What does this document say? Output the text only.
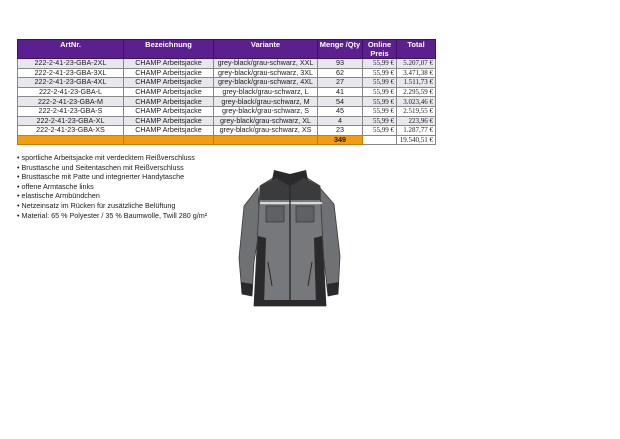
ArtNr.	Bezeichnung	Variante	Menge /Qty	Online
Preis	Total
222-2-41-23-GBA-2XL	CHAMP Arbeitsjacke	grey-black/grau-schwarz, XXL	93	55,99 €	5.207,07 €
222-2-41-23-GBA-3XL	CHAMP Arbeitsjacke	grey-black/grau-schwarz, 3XL	62	55,99 €	3.471,38 €
222-2-41-23-GBA-4XL	CHAMP Arbeitsjacke	grey-black/grau-schwarz, 4XL	27	55,99 €	1.511,73 €
222-2-41-23-GBA-L	CHAMP Arbeitsjacke	grey-black/grau-schwarz, L	41	55,99 €	2.295,59 €
222-2-41-23-GBA-M	CHAMP Arbeitsjacke	grey-black/grau-schwarz, M	54	55,99 €	3.023,46 €
222-2-41-23-GBA-S	CHAMP Arbeitsjacke	grey-black/grau-schwarz, S	45	55,99 €	2.519,55 €
222-2-41-23-GBA-XL	CHAMP Arbeitsjacke	grey-black/grau-schwarz, XL	4	55,99 €	223,96 €
222-2-41-23-GBA-XS	CHAMP Arbeitsjacke	grey-black/grau-schwarz, XS	23	55,99 €	1.287,77 €
			349		19.540,51 €
• sportliche Arbeitsjacke mit verdecktem Reißverschluss
• Brusttasche und Seitentaschen mit Reißverschluss
• Brusttasche mit Patte und integrierter Handytasche
• offene Armtasche links
• elastische Armbündchen
• Netzeinsatz im Rücken für zusätzliche Belüftung
• Material: 65 % Polyester / 35 % Baumwolle, Twill 280 g/m²
